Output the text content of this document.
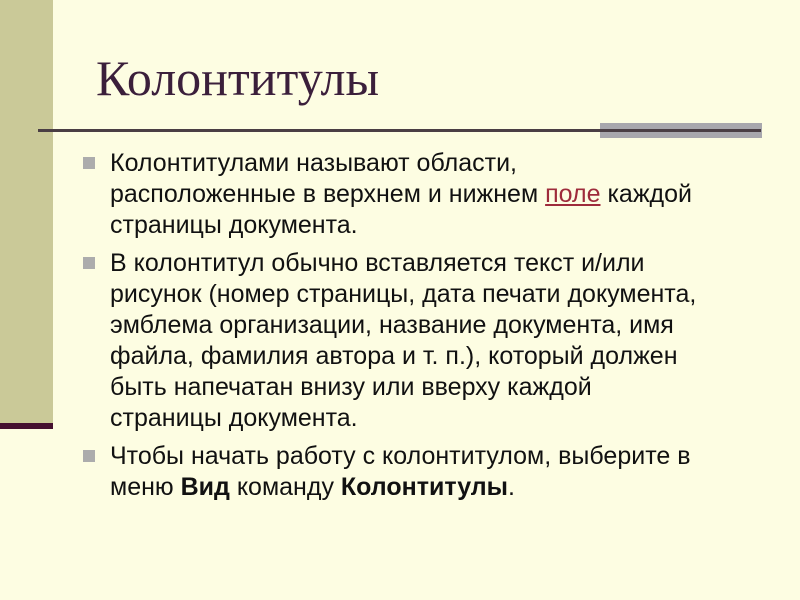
Колонтитулы
Колонтитулами называют области,
расположенные в верхнем и нижнем поле каждой
страницы документа.
В колонтитул обычно вставляется текст и/или
рисунок (номер страницы, дата печати документа,
эмблема организации, название документа, имя
файла, фамилия автора и т. п.), который должен
быть напечатан внизу или вверху каждой
страницы документа.
Чтобы начать работу с колонтитулом, выберите в
меню Вид команду Колонтитулы.
